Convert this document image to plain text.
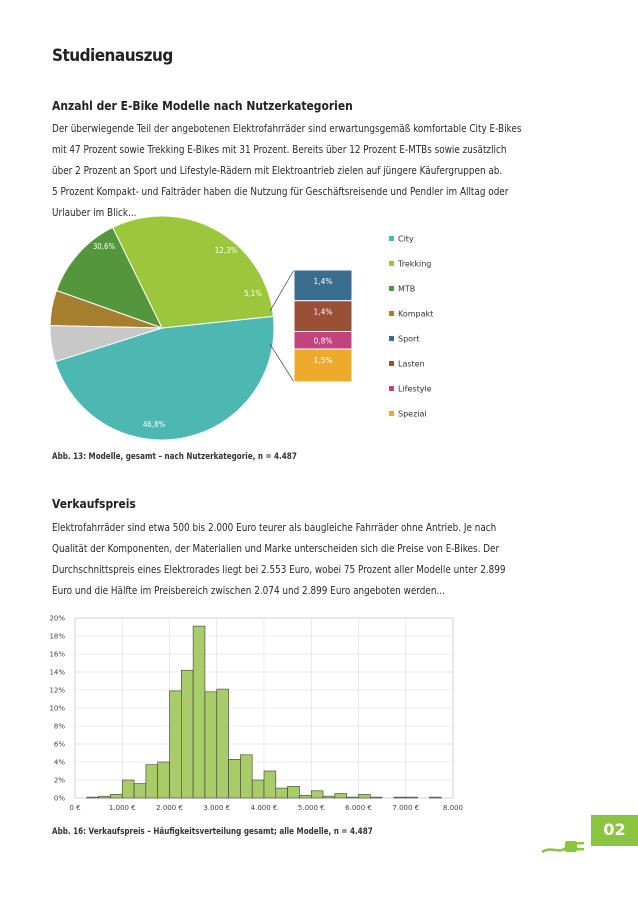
Studienauszug
Anzahl der E-Bike Modelle nach Nutzerkategorien
Der überwiegende Teil der angebotenen Elektrofahrräder sind erwartungsgemäß komfortable City E-Bikes
mit 47 Prozent sowie Trekking E-Bikes mit 31 Prozent. Bereits über 12 Prozent E-MTBs sowie zusätzlich
über 2 Prozent an Sport und Lifestyle-Rädern mit Elektroantrieb zielen auf jüngere Käufergruppen ab.
5 Prozent Kompakt- und Falträder haben die Nutzung für Geschäftsreisende und Pendler im Alltag oder
Urlauber im Blick...
46,8%
30,6%	12,3%
5,1%
1,4%
1,4%
0,8%
1,5%
City
Trekking
MTB
Kompakt
Sport
Lasten
Lifestyle
Spezial
Abb. 13: Modelle, gesamt – nach Nutzerkategorie, n = 4.487
Verkaufspreis
Elektrofahrräder sind etwa 500 bis 2.000 Euro teurer als baugleiche Fahrräder ohne Antrieb. Je nach
Qualität der Komponenten, der Materialien und Marke unterscheiden sich die Preise von E-Bikes. Der
Durchschnittspreis eines Elektrorades liegt bei 2.553 Euro, wobei 75 Prozent aller Modelle unter 2.899
Euro und die Hälfte im Preisbereich zwischen 2.074 und 2.899 Euro angeboten werden...
0%
2%
4%
6%
8%
10%
12%
14%
16%
18%
20%
0 €	1.000 €	2.000 €	3.000 €	4.000 €	5.000 €	6.000 €	7.000 €	8.000
Abb. 16: Verkaufspreis – Häufigkeitsverteilung gesamt; alle Modelle, n = 4.487	02
